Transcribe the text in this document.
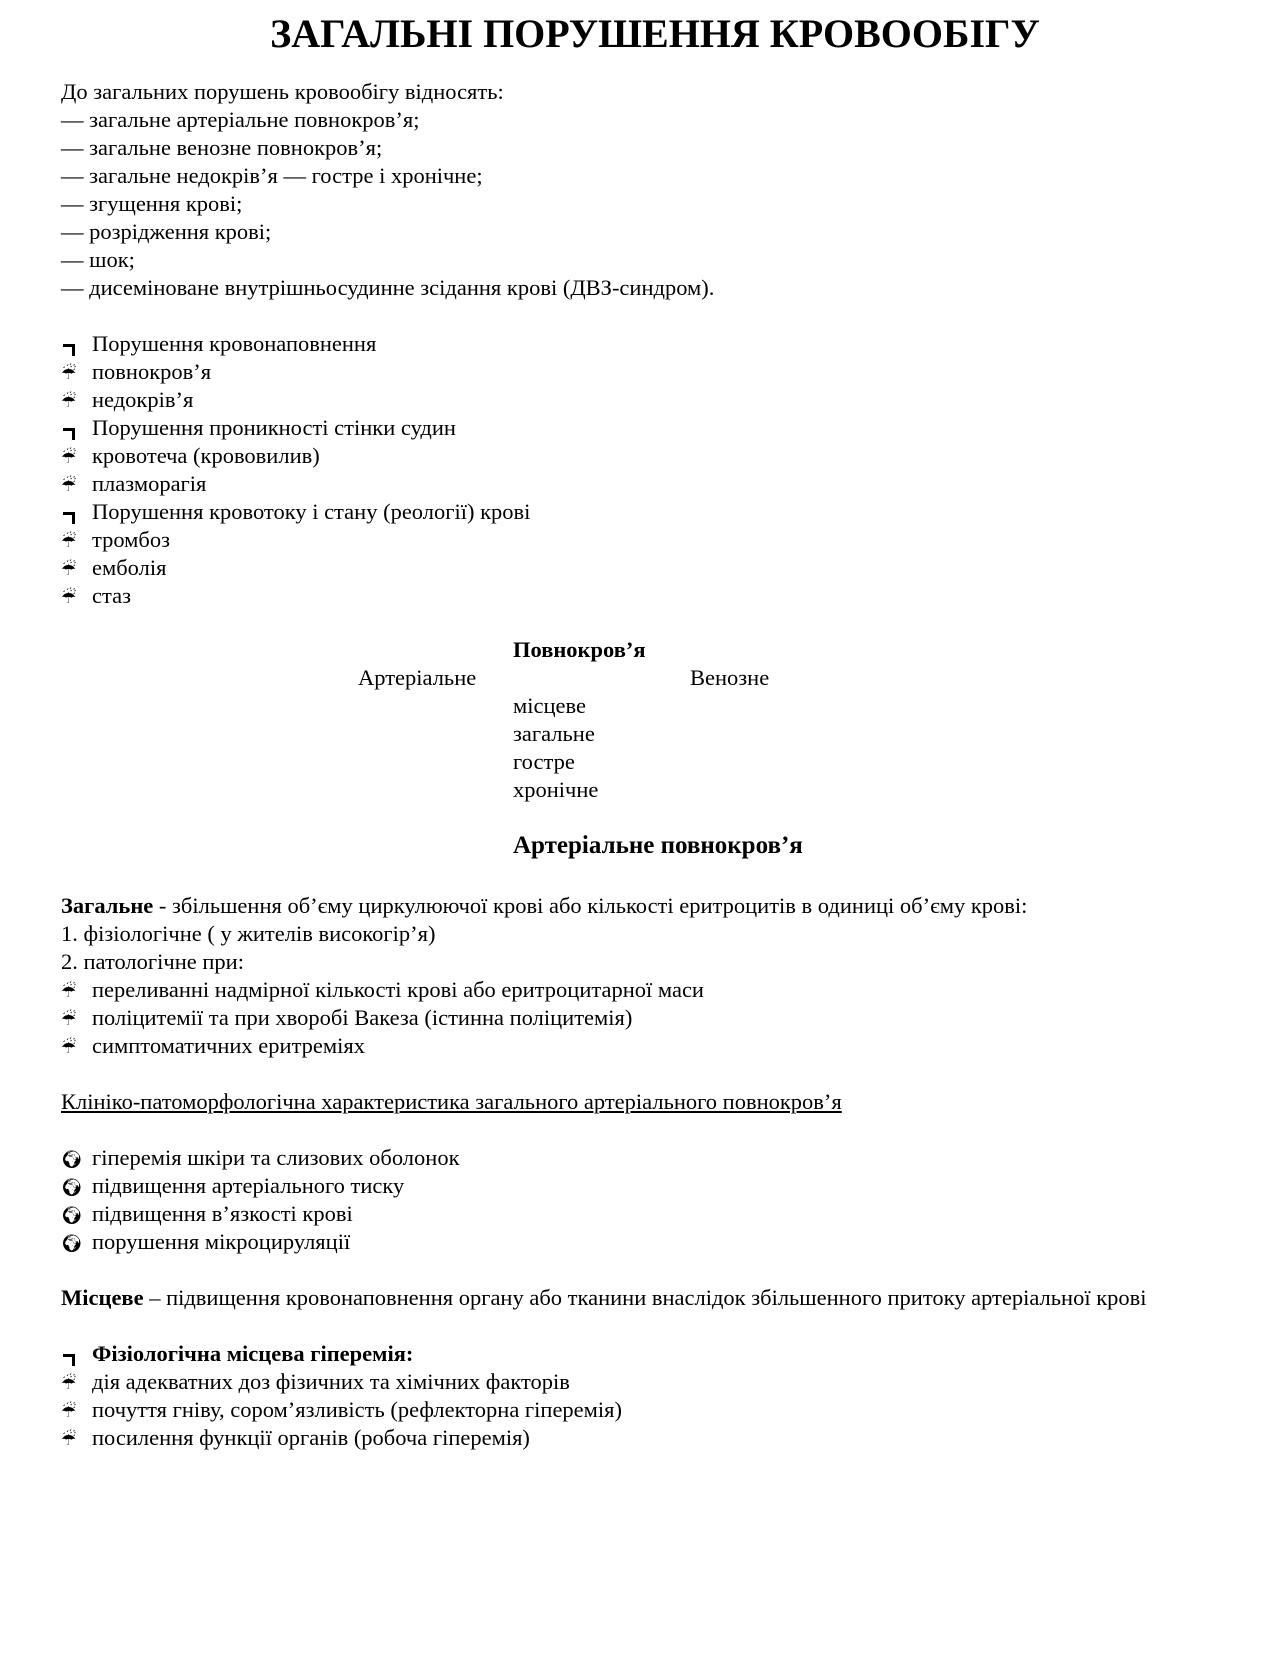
ЗАГАЛЬНІ ПОРУШЕННЯ КРОВООБІГУ
До загальних порушень кровообігу відносять:
— загальне артеріальне повнокров’я;
— загальне венозне повнокров’я;
— загальне недокрів’я — гостре і хронічне;
— згущення крові;
— розрідження крові;
— шок;
— дисеміноване внутрішньосудинне зсідання крові (ДВЗ-синдром).
Порушення кровонаповнення
☔ повнокров’я
☔ недокрів’я
Порушення проникності стінки судин
☔ кровотеча (крововилив)
☔ плазморагія
Порушення кровотоку і стану (реології) крові
☔ тромбоз
☔ емболія
☔ стаз
Повнокров’я
Артеріальне	Венозне
місцеве
загальне
гостре
хронічне
Артеріальне повнокров’я
Загальне - збільшення об’єму циркулюючої крові або кількості еритроцитів в одиниці об’єму крові:
1. фізіологічне ( у жителів високогір’я)
2. патологічне при:
☔ переливанні надмірної кількості крові або еритроцитарної маси
☔ поліцитемії та при хворобі Вакеза (істинна поліцитемія)
☔ симптоматичних еритреміях
Клініко-патоморфологічна характеристика загального артеріального повнокров’я
🌍︎ гіперемія шкіри та слизових оболонок
🌍︎ підвищення артеріального тиску
🌍︎ підвищення в’язкості крові
🌍︎ порушення мікроцируляції
Місцеве – підвищення кровонаповнення органу або тканини внаслідок збільшенного притоку артеріальної крові
Фізіологічна місцева гіперемія:
☔ дія адекватних доз фізичних та хімічних факторів
☔ почуття гніву, сором’язливість (рефлекторна гіперемія)
☔ посилення функції органів (робоча гіперемія)
